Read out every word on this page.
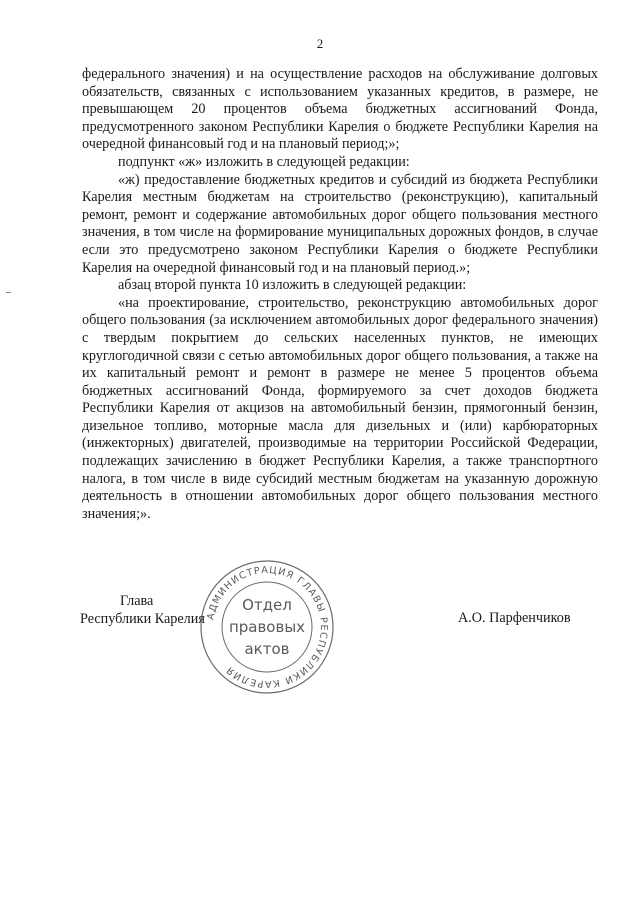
2

федерального значения) и на осуществление расходов на обслуживание долговых обязательств, связанных с использованием указанных кредитов, в размере, не превышающем 20 процентов объема бюджетных ассигнований Фонда, предусмотренного законом Республики Карелия о бюджете Республики Карелия на очередной финансовый год и на плановый период;»;

подпункт «ж» изложить в следующей редакции:

«ж) предоставление бюджетных кредитов и субсидий из бюджета Республики Карелия местным бюджетам на строительство (реконструкцию), капитальный ремонт, ремонт и содержание автомобильных дорог общего пользования местного значения, в том числе на формирование муниципальных дорожных фондов, в случае если это предусмотрено законом Республики Карелия о бюджете Республики Карелия на очередной финансовый год и на плановый период.»;

абзац второй пункта 10 изложить в следующей редакции:

«на проектирование, строительство, реконструкцию автомобильных дорог общего пользования (за исключением автомобильных дорог федерального значения) с твердым покрытием до сельских населенных пунктов, не имеющих круглогодичной связи с сетью автомобильных дорог общего пользования, а также на их капитальный ремонт и ремонт в размере не менее 5 процентов объема бюджетных ассигнований Фонда, формируемого за счет доходов бюджета Республики Карелия от акцизов на автомобильный бензин, прямогонный бензин, дизельное топливо, моторные масла для дизельных и (или) карбюраторных (инжекторных) двигателей, производимые на территории Российской Федерации, подлежащих зачислению в бюджет Республики Карелия, а также транспортного налога, в том числе в виде субсидий местным бюджетам на указанную дорожную деятельность в отношении автомобильных дорог общего пользования местного значения;».

Глава
Республики Карелия	А.О. Парфенчиков
АДМИНИСТРАЦИЯ ГЛАВЫ РЕСПУБЛИКИ КАРЕЛИЯ
Отдел
правовых
актов
